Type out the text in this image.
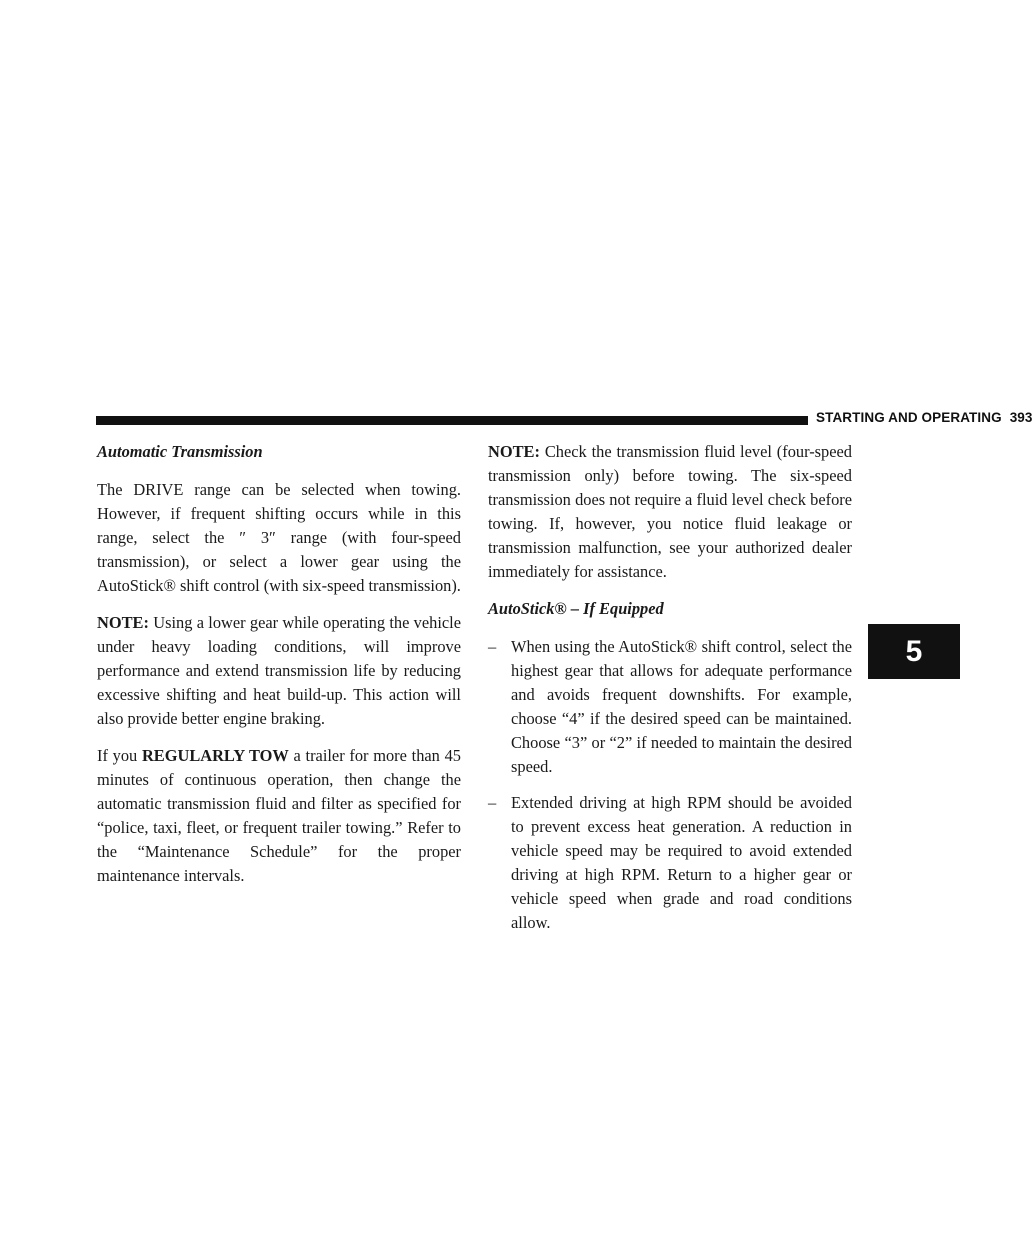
STARTING AND OPERATING 393
5
Automatic Transmission

The DRIVE range can be selected when towing. However, if frequent shifting occurs while in this range, select the ″ 3″ range (with four-speed transmission), or select a lower gear using the AutoStick® shift control (with six-speed transmission).

NOTE: Using a lower gear while operating the vehicle under heavy loading conditions, will improve performance and extend transmission life by reducing excessive shifting and heat build-up. This action will also provide better engine braking.

If you REGULARLY TOW a trailer for more than 45 minutes of continuous operation, then change the automatic transmission fluid and filter as specified for “police, taxi, fleet, or frequent trailer towing.” Refer to the “Maintenance Schedule” for the proper maintenance intervals.

NOTE: Check the transmission fluid level (four-speed transmission only) before towing. The six-speed transmission does not require a fluid level check before towing. If, however, you notice fluid leakage or transmission malfunction, see your authorized dealer immediately for assistance.

AutoStick® – If Equipped
– When using the AutoStick® shift control, select the highest gear that allows for adequate performance and avoids frequent downshifts. For example, choose “4” if the desired speed can be maintained. Choose “3” or “2” if needed to maintain the desired speed.
– Extended driving at high RPM should be avoided to prevent excess heat generation. A reduction in vehicle speed may be required to avoid extended driving at high RPM. Return to a higher gear or vehicle speed when grade and road conditions allow.
